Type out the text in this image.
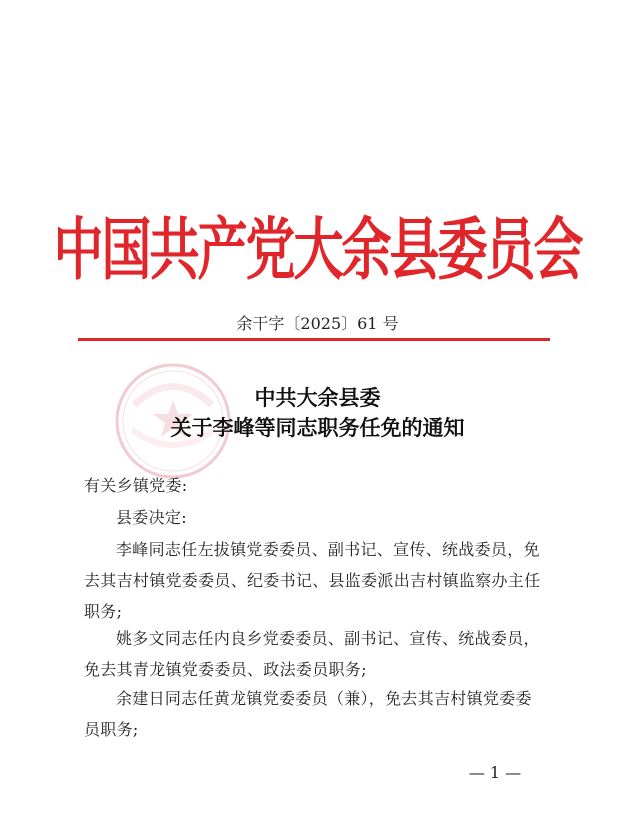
中国共产党大余县委员会
余干字〔2025〕61 号
中共大余县委
关于李峰等同志职务任免的通知
有关乡镇党委:
县委决定:
李峰同志任左拔镇党委委员、副书记、宣传、统战委员，免
去其吉村镇党委委员、纪委书记、县监委派出吉村镇监察办主任
职务;
姚多文同志任内良乡党委委员、副书记、宣传、统战委员，
免去其青龙镇党委委员、政法委员职务;
余建日同志任黄龙镇党委委员（兼），免去其吉村镇党委委
员职务;
— 1 —
